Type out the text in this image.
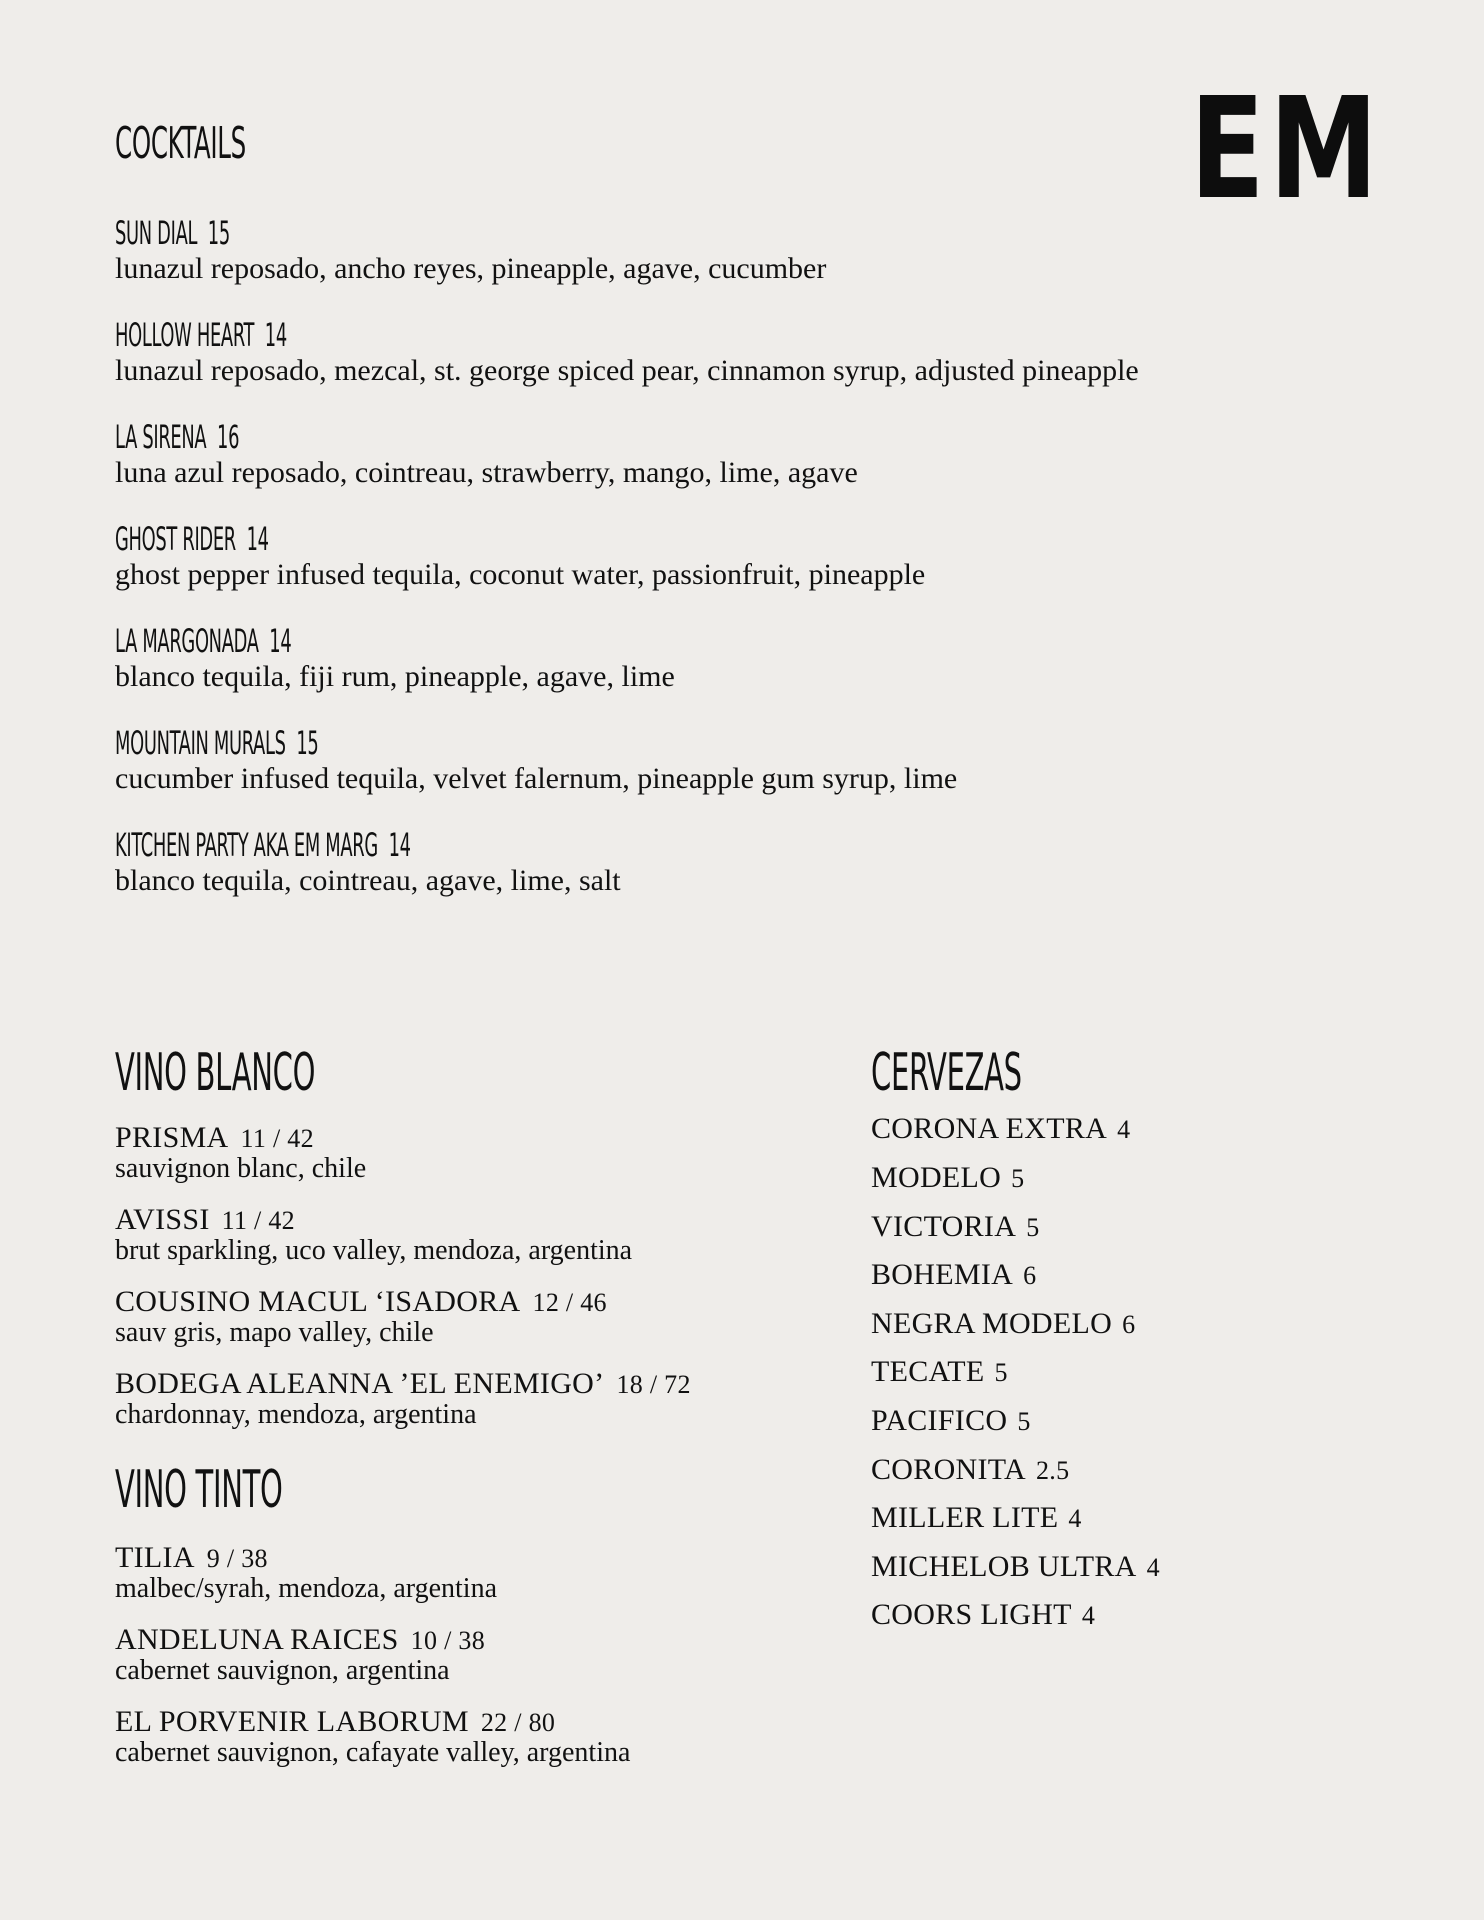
EM
COCKTAILS
SUN DIAL 15
lunazul reposado, ancho reyes, pineapple, agave, cucumber
HOLLOW HEART 14
lunazul reposado, mezcal, st. george spiced pear, cinnamon syrup, adjusted pineapple
LA SIRENA 16
luna azul reposado, cointreau, strawberry, mango, lime, agave
GHOST RIDER 14
ghost pepper infused tequila, coconut water, passionfruit, pineapple
LA MARGONADA 14
blanco tequila, fiji rum, pineapple, agave, lime
MOUNTAIN MURALS 15
cucumber infused tequila, velvet falernum, pineapple gum syrup, lime
KITCHEN PARTY AKA EM MARG 14
blanco tequila, cointreau, agave, lime, salt
VINO BLANCO
PRISMA 11 / 42
sauvignon blanc, chile
AVISSI 11 / 42
brut sparkling, uco valley, mendoza, argentina
COUSINO MACUL ‘ISADORA 12 / 46
sauv gris, mapo valley, chile
BODEGA ALEANNA ’EL ENEMIGO’ 18 / 72
chardonnay, mendoza, argentina
VINO TINTO
TILIA 9 / 38
malbec/syrah, mendoza, argentina
ANDELUNA RAICES 10 / 38
cabernet sauvignon, argentina
EL PORVENIR LABORUM 22 / 80
cabernet sauvignon, cafayate valley, argentina
CERVEZAS
CORONA EXTRA 4
MODELO 5
VICTORIA 5
BOHEMIA 6
NEGRA MODELO 6
TECATE 5
PACIFICO 5
CORONITA 2.5
MILLER LITE 4
MICHELOB ULTRA 4
COORS LIGHT 4
